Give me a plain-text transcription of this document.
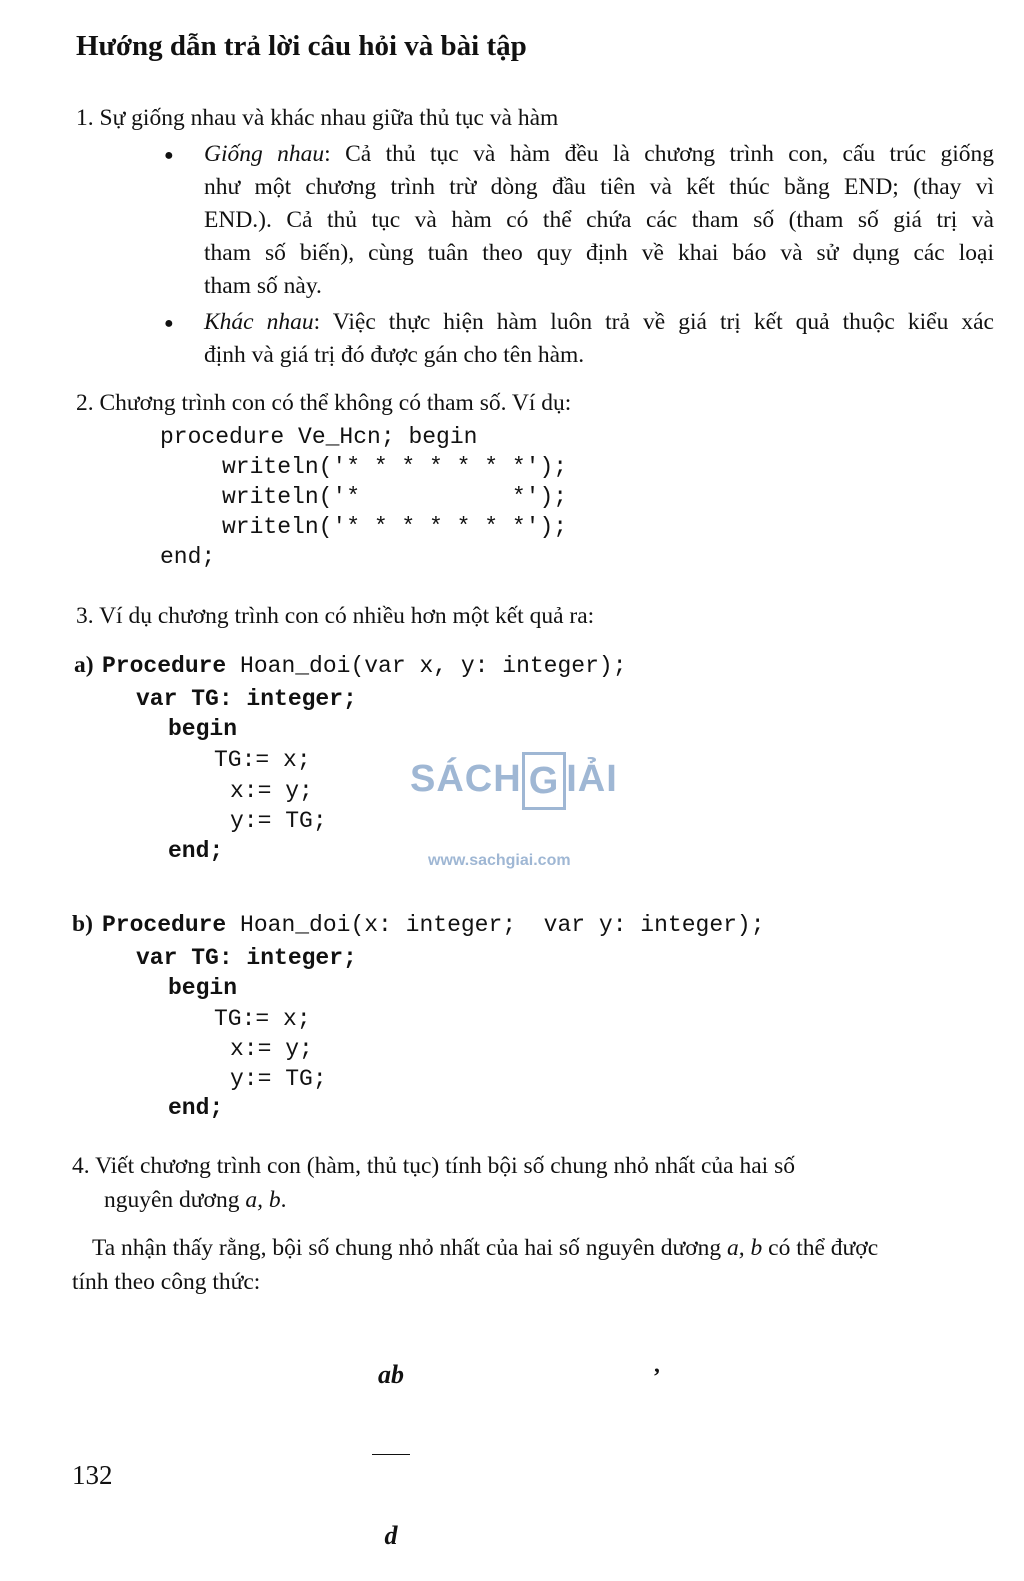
Hướng dẫn trả lời câu hỏi và bài tập
1. Sự giống nhau và khác nhau giữa thủ tục và hàm
● Giống nhau: Cả thủ tục và hàm đều là chương trình con, cấu trúc giống
như một chương trình trừ dòng đầu tiên và kết thúc bằng END; (thay vì
END.). Cả thủ tục và hàm có thể chứa các tham số (tham số giá trị và
tham số biến), cùng tuân theo quy định về khai báo và sử dụng các loại
tham số này.
● Khác nhau: Việc thực hiện hàm luôn trả về giá trị kết quả thuộc kiểu xác
định và giá trị đó được gán cho tên hàm.
2. Chương trình con có thể không có tham số. Ví dụ:
procedure Ve_Hcn; begin
writeln('* * * * * * *');
writeln('*           *');
writeln('* * * * * * *');
end;
3. Ví dụ chương trình con có nhiều hơn một kết quả ra:
a) Procedure Hoan_doi(var x, y: integer);
var TG: integer;
begin
TG:= x;
x:= y;
y:= TG;
end;
b) Procedure Hoan_doi(x: integer;  var y: integer);
var TG: integer;
begin
TG:= x;
x:= y;
y:= TG;
end;

SÁCH G IẢI

www.sachgiai.com

4. Viết chương trình con (hàm, thủ tục) tính bội số chung nhỏ nhất của hai số
nguyên dương a, b.
Ta nhận thấy rằng, bội số chung nhỏ nhất của hai số nguyên dương a, b có thể được
tính theo công thức:

ab

d

,
132
